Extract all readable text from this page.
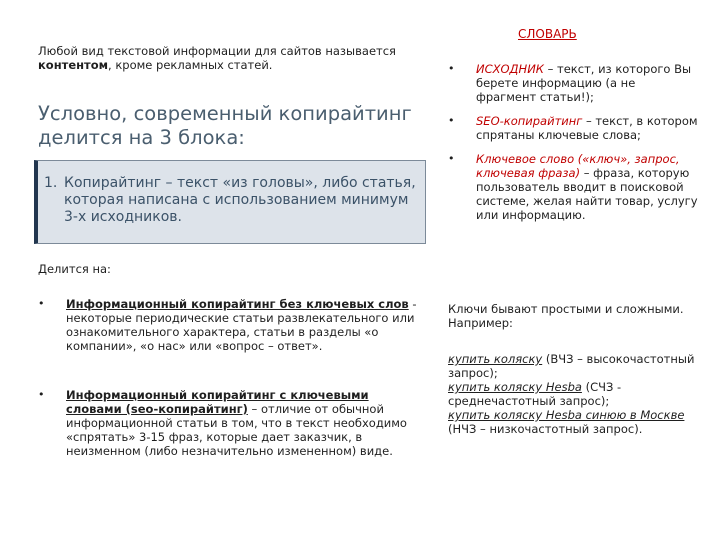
Любой вид текстовой информации для сайтов называется контентом, кроме рекламных статей.

Условно, современный копирайтинг делится на 3 блока:
1. Копирайтинг – текст «из головы», либо статья, которая написана с использованием минимум 3-х исходников.

Делится на:

•	Информационный копирайтинг без ключевых слов - некоторые периодические статьи развлекательного или ознакомительного характера, статьи в разделы «о компании», «о нас» или «вопрос – ответ».
•	Информационный копирайтинг с ключевыми словами (seo-копирайтинг) – отличие от обычной информационной статьи в том, что в текст необходимо «спрятать» 3-15 фраз, которые дает заказчик, в неизменном (либо незначительно измененном) виде.
СЛОВАРЬ
•	ИСХОДНИК – текст, из которого Вы берете информацию (а не фрагмент статьи!);
•	SEO-копирайтинг – текст, в котором спрятаны ключевые слова;
•	Ключевое слово («ключ», запрос, ключевая фраза) – фраза, которую пользователь вводит в поисковой системе, желая найти товар, услугу или информацию.

Ключи бывают простыми и сложными. Например:

купить коляску (ВЧЗ – высокочастотный запрос);

купить коляску Hesba (СЧЗ - среднечастотный запрос);

купить коляску Hesba синюю в Москве (НЧЗ – низкочастотный запрос).
